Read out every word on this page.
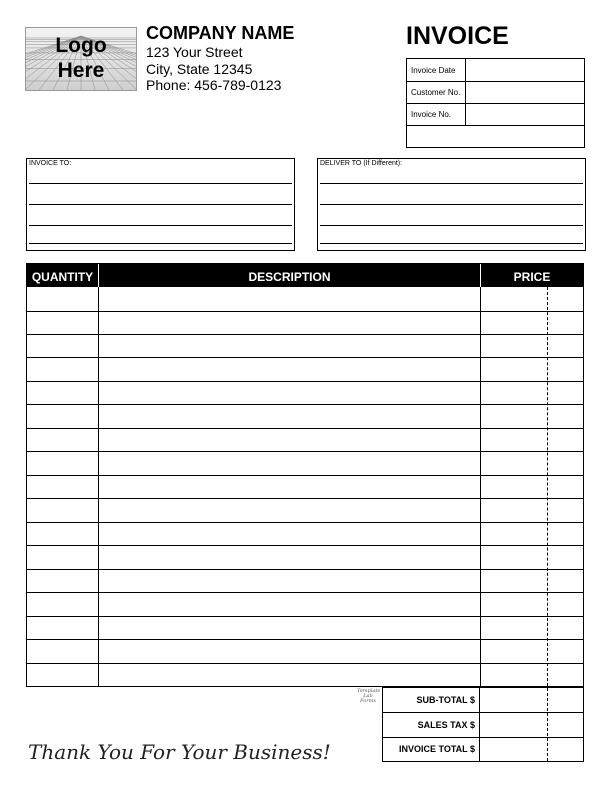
Logo
Here
COMPANY NAME
123 Your Street
City, State 12345
Phone: 456-789-0123
INVOICE
Invoice Date
Customer No.
Invoice No.
INVOICE TO:	DELIVER TO (If Different):
QUANTITY	DESCRIPTION	PRICE
SUB-TOTAL $
SALES TAX $
INVOICE TOTAL $
Template
Lab Forms
Thank You For Your Business!
